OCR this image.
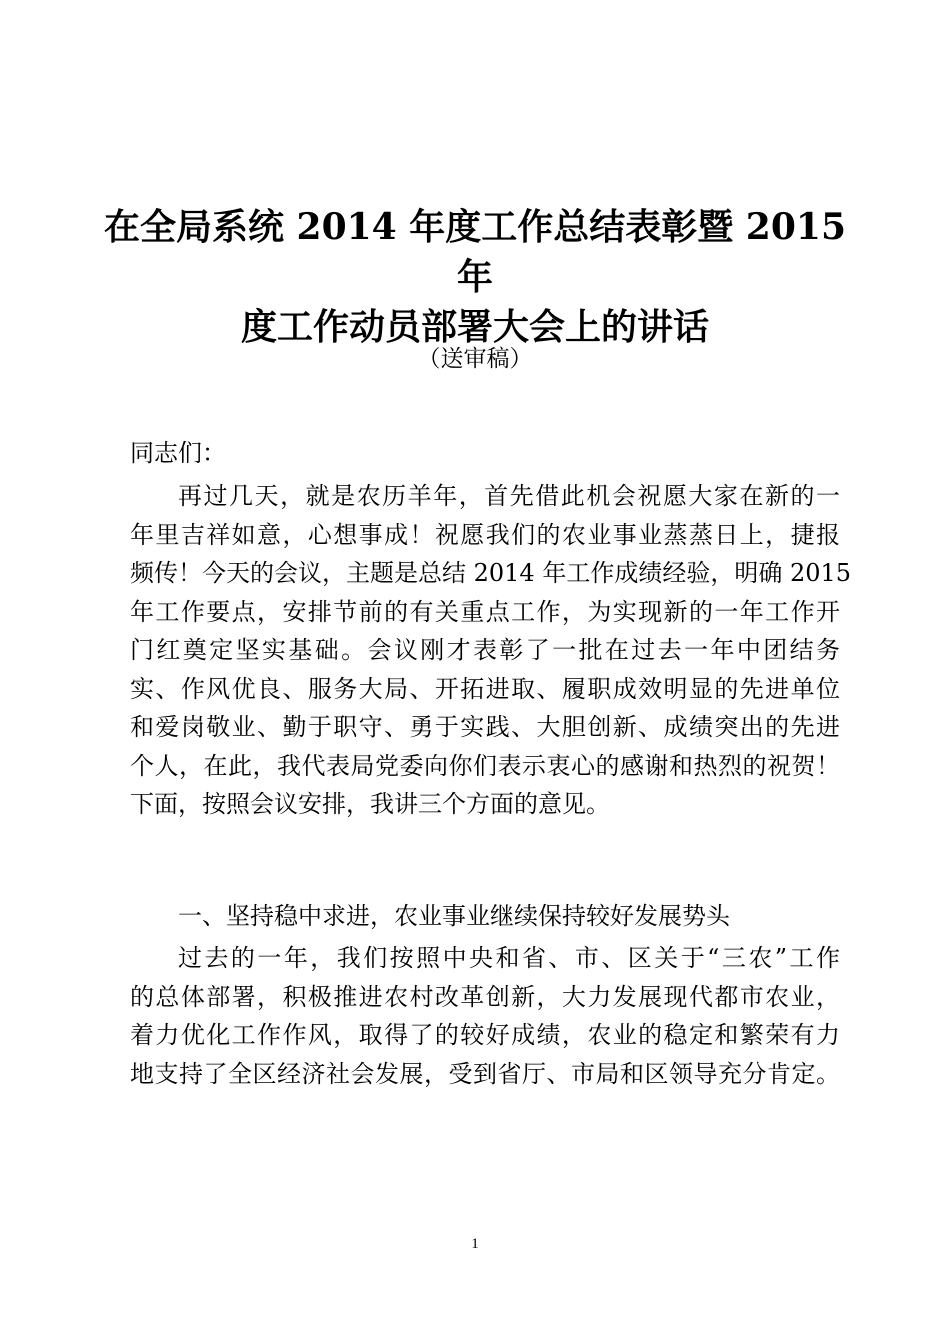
在全局系统 2014 年度工作总结表彰暨 2015 年
度工作动员部署大会上的讲话
（送审稿）
同志们：
再过几天，就是农历羊年，首先借此机会祝愿大家在新的一
年里吉祥如意，心想事成！祝愿我们的农业事业蒸蒸日上，捷报
频传！今天的会议，主题是总结 2014 年工作成绩经验，明确 2015
年工作要点，安排节前的有关重点工作，为实现新的一年工作开
门红奠定坚实基础。会议刚才表彰了一批在过去一年中团结务
实、作风优良、服务大局、开拓进取、履职成效明显的先进单位
和爱岗敬业、勤于职守、勇于实践、大胆创新、成绩突出的先进
个人，在此，我代表局党委向你们表示衷心的感谢和热烈的祝贺！
下面，按照会议安排，我讲三个方面的意见。
一、坚持稳中求进，农业事业继续保持较好发展势头
过去的一年，我们按照中央和省、市、区关于“三农”工作
的总体部署，积极推进农村改革创新，大力发展现代都市农业，
着力优化工作作风，取得了的较好成绩，农业的稳定和繁荣有力
地支持了全区经济社会发展，受到省厅、市局和区领导充分肯定。
1
